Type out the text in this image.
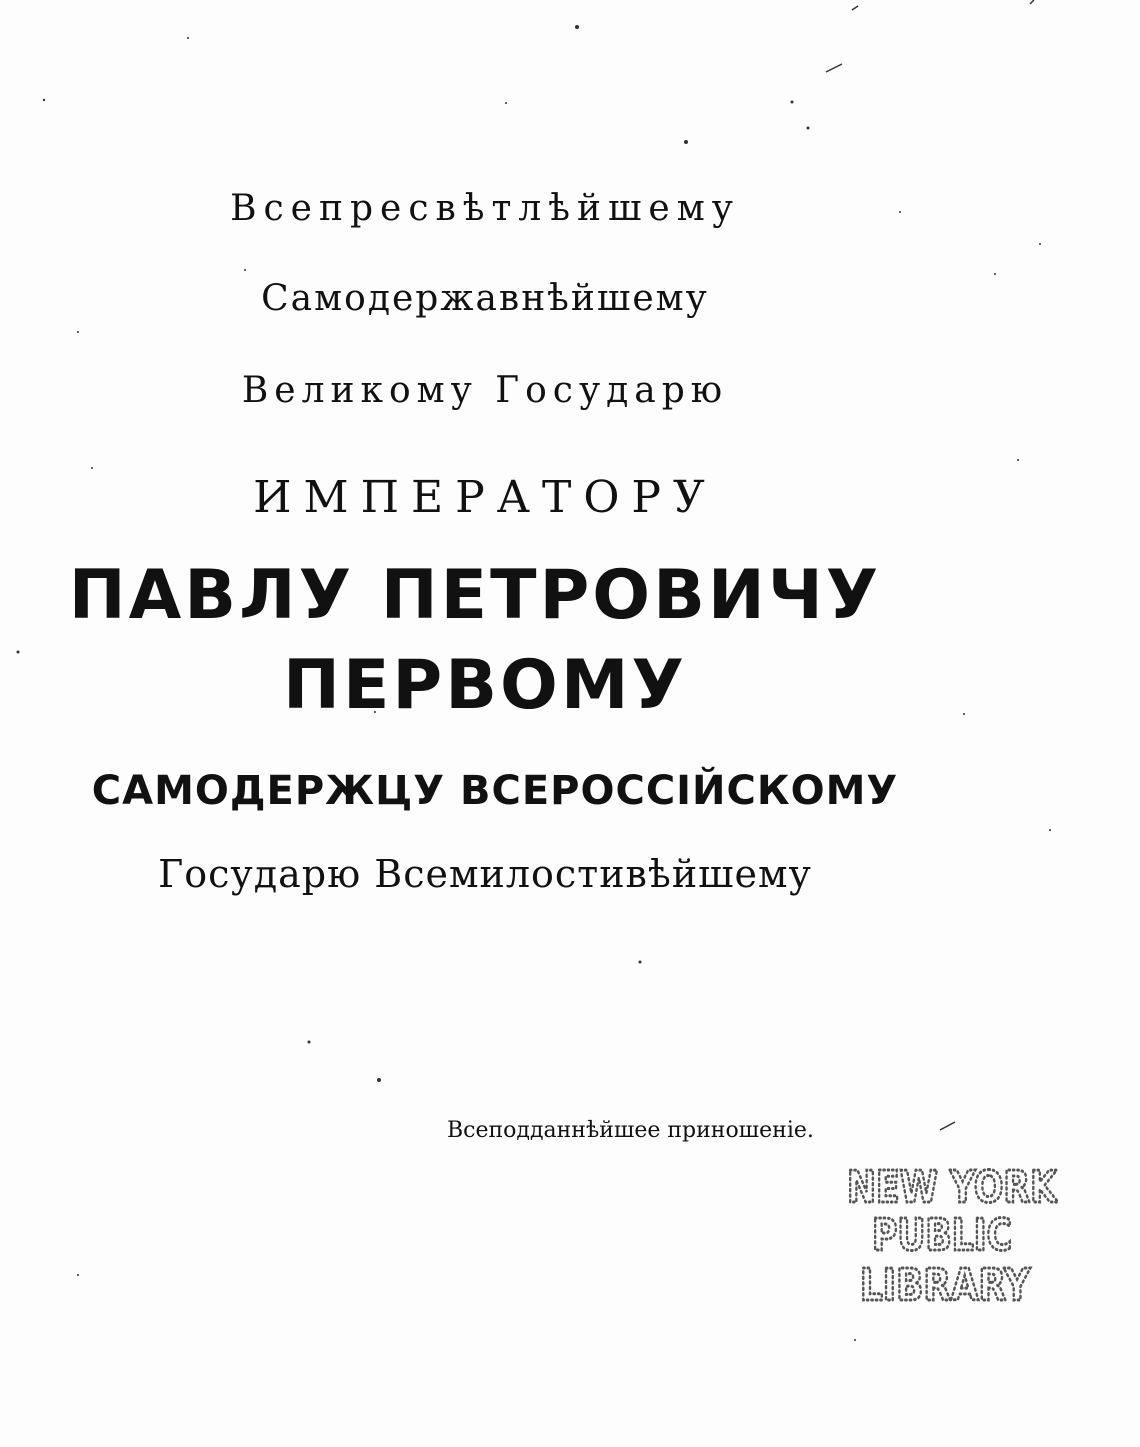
Всепресвѣтлѣйшему
Самодержавнѣйшему
Великому Государю
ИМПЕРАТОРУ
ПАВЛУ ПЕТРОВИЧУ
ПЕРВОМУ
САМОДЕРЖЦУ ВСЕРОССІЙСКОМУ
Государю Всемилостивѣйшему
Всеподданнѣйшее приношеніе.
NEW YORK
PUBLIC
LIBRARY
